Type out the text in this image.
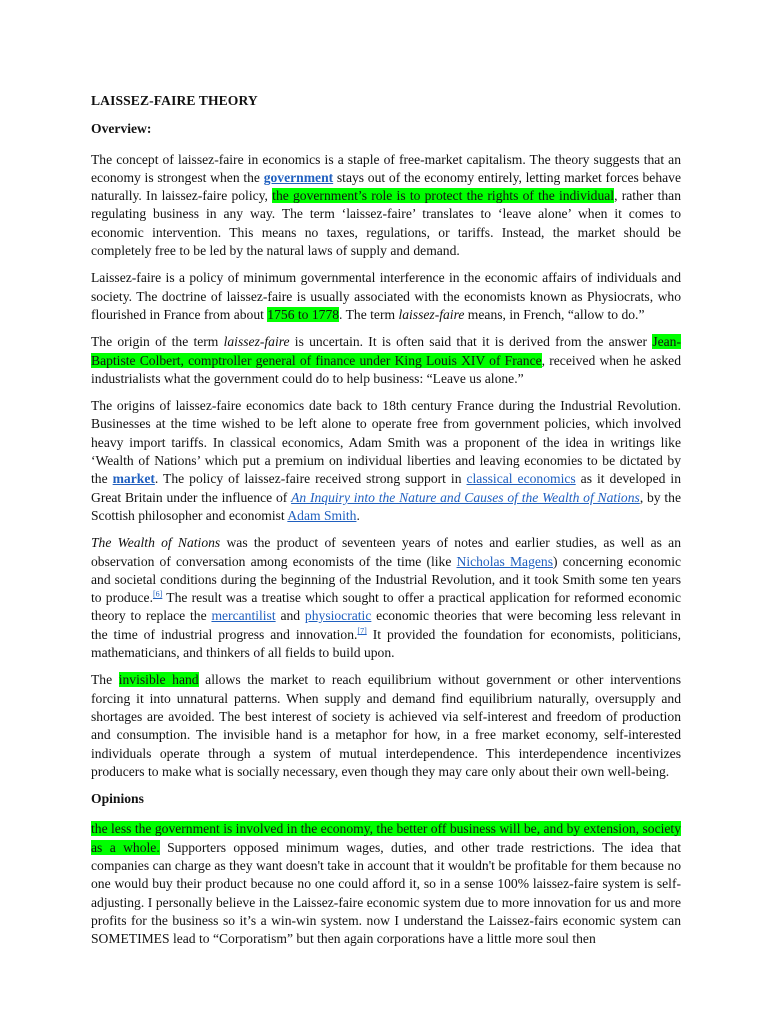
LAISSEZ-FAIRE THEORY
Overview:

The concept of laissez-faire in economics is a staple of free-market capitalism. The theory suggests that an economy is strongest when the government stays out of the economy entirely, letting market forces behave naturally. In laissez-faire policy, the government’s role is to protect the rights of the individual, rather than regulating business in any way. The term ‘laissez-faire’ translates to ‘leave alone’ when it comes to economic intervention. This means no taxes, regulations, or tariffs. Instead, the market should be completely free to be led by the natural laws of supply and demand.

Laissez-faire is a policy of minimum governmental interference in the economic affairs of individuals and society. The doctrine of laissez-faire is usually associated with the economists known as Physiocrats, who flourished in France from about 1756 to 1778. The term laissez-faire means, in French, “allow to do.”

The origin of the term laissez-faire is uncertain. It is often said that it is derived from the answer Jean-Baptiste Colbert, comptroller general of finance under King Louis XIV of France, received when he asked industrialists what the government could do to help business: “Leave us alone.”

The origins of laissez-faire economics date back to 18th century France during the Industrial Revolution. Businesses at the time wished to be left alone to operate free from government policies, which involved heavy import tariffs. In classical economics, Adam Smith was a proponent of the idea in writings like ‘Wealth of Nations’ which put a premium on individual liberties and leaving economies to be dictated by the market. The policy of laissez-faire received strong support in classical economics as it developed in Great Britain under the influence of An Inquiry into the Nature and Causes of the Wealth of Nations, by the Scottish philosopher and economist Adam Smith.

The Wealth of Nations was the product of seventeen years of notes and earlier studies, as well as an observation of conversation among economists of the time (like Nicholas Magens) concerning economic and societal conditions during the beginning of the Industrial Revolution, and it took Smith some ten years to produce.[6] The result was a treatise which sought to offer a practical application for reformed economic theory to replace the mercantilist and physiocratic economic theories that were becoming less relevant in the time of industrial progress and innovation.[7] It provided the foundation for economists, politicians, mathematicians, and thinkers of all fields to build upon.

The invisible hand allows the market to reach equilibrium without government or other interventions forcing it into unnatural patterns. When supply and demand find equilibrium naturally, oversupply and shortages are avoided. The best interest of society is achieved via self-interest and freedom of production and consumption. The invisible hand is a metaphor for how, in a free market economy, self-interested individuals operate through a system of mutual interdependence. This interdependence incentivizes producers to make what is socially necessary, even though they may care only about their own well-being.

Opinions

the less the government is involved in the economy, the better off business will be, and by extension, society as a whole. Supporters opposed minimum wages, duties, and other trade restrictions. The idea that companies can charge as they want doesn't take in account that it wouldn't be profitable for them because no one would buy their product because no one could afford it, so in a sense 100% laissez-faire system is self-adjusting. I personally believe in the Laissez-faire economic system due to more innovation for us and more profits for the business so it’s a win-win system. now I understand the Laissez-fairs economic system can SOMETIMES lead to “Corporatism” but then again corporations have a little more soul then
